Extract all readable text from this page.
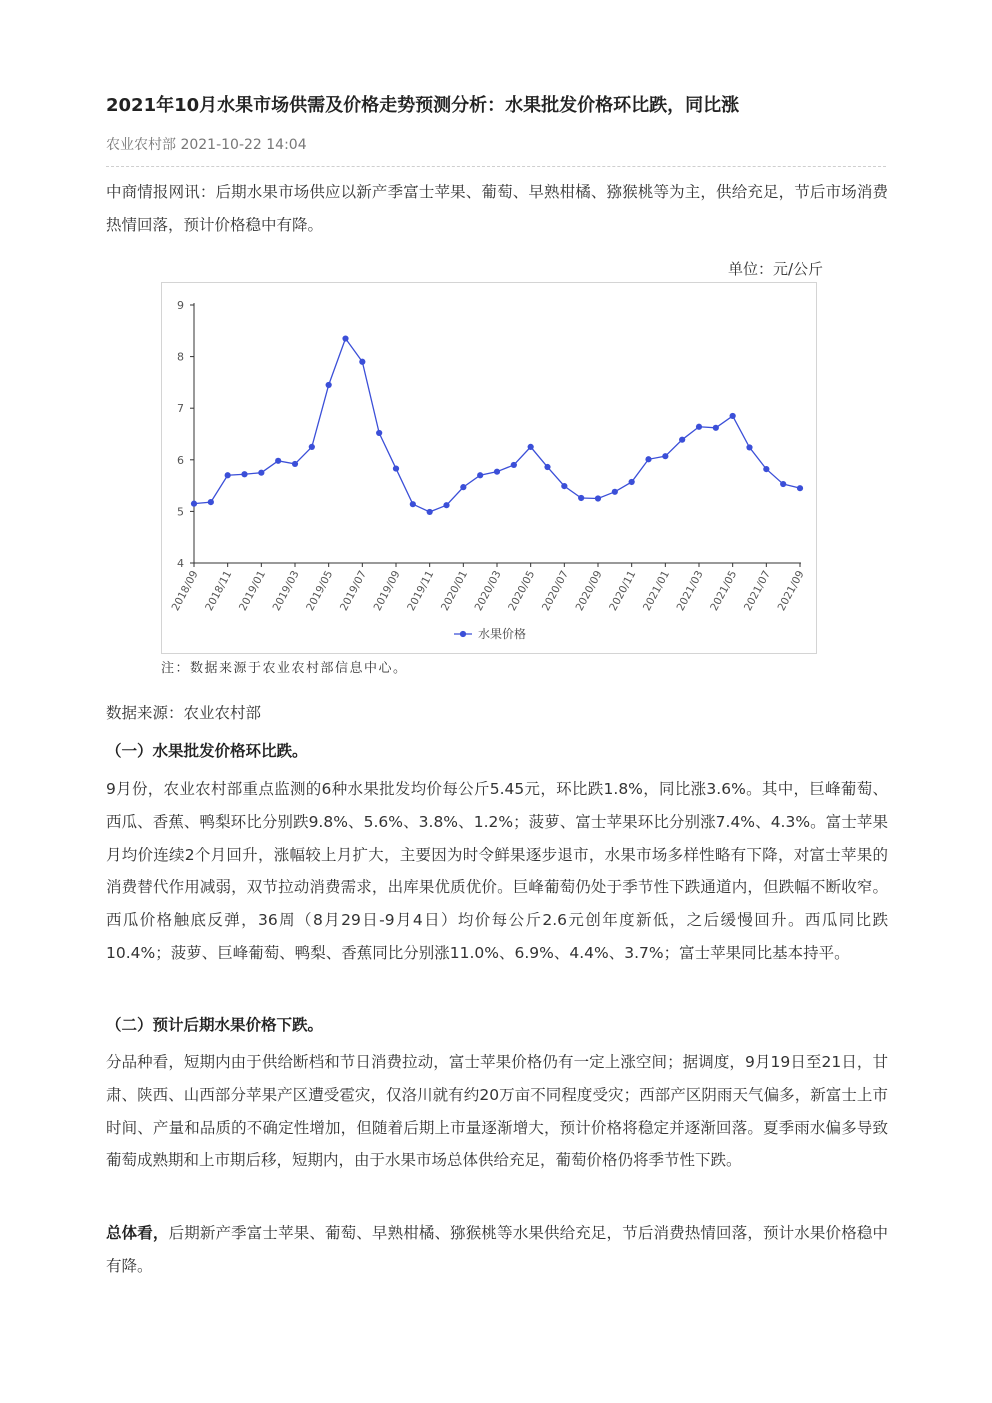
2021年10月水果市场供需及价格走势预测分析：水果批发价格环比跌，同比涨
农业农村部 2021-10-22 14:04
中商情报网讯：后期水果市场供应以新产季富士苹果、葡萄、早熟柑橘、猕猴桃等为主，供给充足，节后市场消费热情回落，预计价格稳中有降。
单位：元/公斤
4
5
6
7
8
9
2018/09 2018/11 2019/01 2019/03 2019/05 2019/07 2019/09 2019/11 2020/01 2020/03 2020/05 2020/07 2020/09 2020/11 2021/01 2021/03 2021/05 2021/07 2021/09
水果价格
注：数据来源于农业农村部信息中心。
数据来源：农业农村部
（一）水果批发价格环比跌。
9月份，农业农村部重点监测的6种水果批发均价每公斤5.45元，环比跌1.8%，同比涨3.6%。其中，巨峰葡萄、西瓜、香蕉、鸭梨环比分别跌9.8%、5.6%、3.8%、1.2%；菠萝、富士苹果环比分别涨7.4%、4.3%。富士苹果月均价连续2个月回升，涨幅较上月扩大，主要因为时令鲜果逐步退市，水果市场多样性略有下降，对富士苹果的消费替代作用减弱，双节拉动消费需求，出库果优质优价。巨峰葡萄仍处于季节性下跌通道内，但跌幅不断收窄。西瓜价格触底反弹，36周（8月29日-9月4日）均价每公斤2.6元创年度新低，之后缓慢回升。西瓜同比跌10.4%；菠萝、巨峰葡萄、鸭梨、香蕉同比分别涨11.0%、6.9%、4.4%、3.7%；富士苹果同比基本持平。
（二）预计后期水果价格下跌。
分品种看，短期内由于供给断档和节日消费拉动，富士苹果价格仍有一定上涨空间；据调度，9月19日至21日，甘肃、陕西、山西部分苹果产区遭受雹灾，仅洛川就有约20万亩不同程度受灾；西部产区阴雨天气偏多，新富士上市时间、产量和品质的不确定性增加，但随着后期上市量逐渐增大，预计价格将稳定并逐渐回落。夏季雨水偏多导致葡萄成熟期和上市期后移，短期内，由于水果市场总体供给充足，葡萄价格仍将季节性下跌。
总体看，后期新产季富士苹果、葡萄、早熟柑橘、猕猴桃等水果供给充足，节后消费热情回落，预计水果价格稳中有降。
